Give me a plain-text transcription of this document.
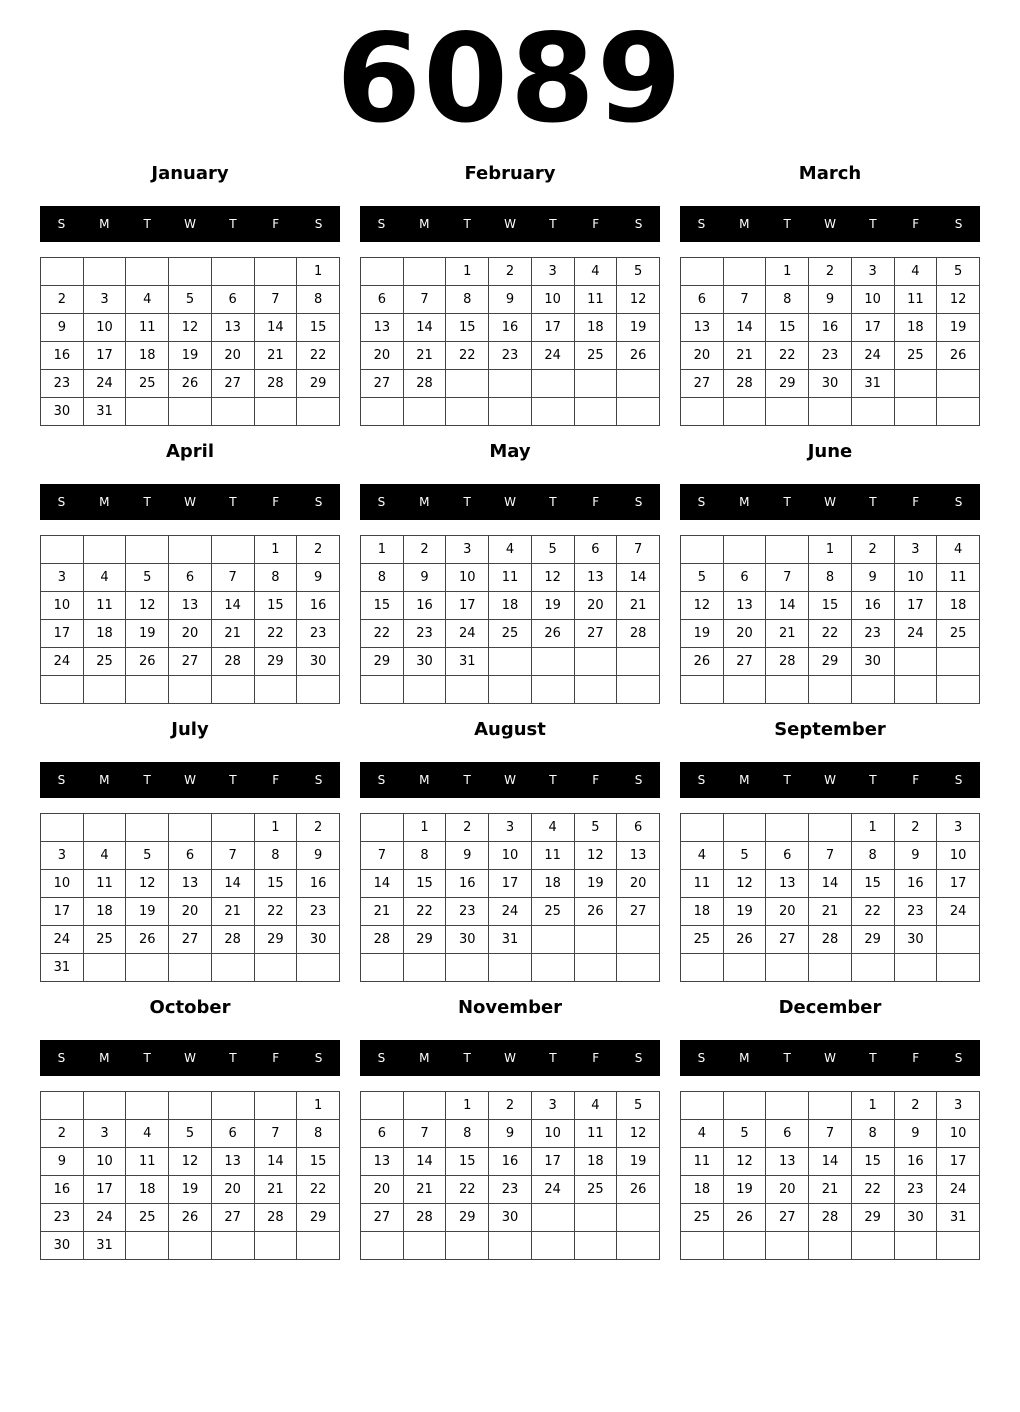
6089
January
S	M	T	W	T	F	S
						1
2	3	4	5	6	7	8
9	10	11	12	13	14	15
16	17	18	19	20	21	22
23	24	25	26	27	28	29
30	31					
February
S	M	T	W	T	F	S
		1	2	3	4	5
6	7	8	9	10	11	12
13	14	15	16	17	18	19
20	21	22	23	24	25	26
27	28					

March
S	M	T	W	T	F	S
		1	2	3	4	5
6	7	8	9	10	11	12
13	14	15	16	17	18	19
20	21	22	23	24	25	26
27	28	29	30	31		

April
S	M	T	W	T	F	S
					1	2
3	4	5	6	7	8	9
10	11	12	13	14	15	16
17	18	19	20	21	22	23
24	25	26	27	28	29	30

May
S	M	T	W	T	F	S
1	2	3	4	5	6	7
8	9	10	11	12	13	14
15	16	17	18	19	20	21
22	23	24	25	26	27	28
29	30	31				

June
S	M	T	W	T	F	S
			1	2	3	4
5	6	7	8	9	10	11
12	13	14	15	16	17	18
19	20	21	22	23	24	25
26	27	28	29	30		

July
S	M	T	W	T	F	S
					1	2
3	4	5	6	7	8	9
10	11	12	13	14	15	16
17	18	19	20	21	22	23
24	25	26	27	28	29	30
31						
August
S	M	T	W	T	F	S
	1	2	3	4	5	6
7	8	9	10	11	12	13
14	15	16	17	18	19	20
21	22	23	24	25	26	27
28	29	30	31			

September
S	M	T	W	T	F	S
				1	2	3
4	5	6	7	8	9	10
11	12	13	14	15	16	17
18	19	20	21	22	23	24
25	26	27	28	29	30	

October
S	M	T	W	T	F	S
						1
2	3	4	5	6	7	8
9	10	11	12	13	14	15
16	17	18	19	20	21	22
23	24	25	26	27	28	29
30	31					
November
S	M	T	W	T	F	S
		1	2	3	4	5
6	7	8	9	10	11	12
13	14	15	16	17	18	19
20	21	22	23	24	25	26
27	28	29	30			

December
S	M	T	W	T	F	S
				1	2	3
4	5	6	7	8	9	10
11	12	13	14	15	16	17
18	19	20	21	22	23	24
25	26	27	28	29	30	31
